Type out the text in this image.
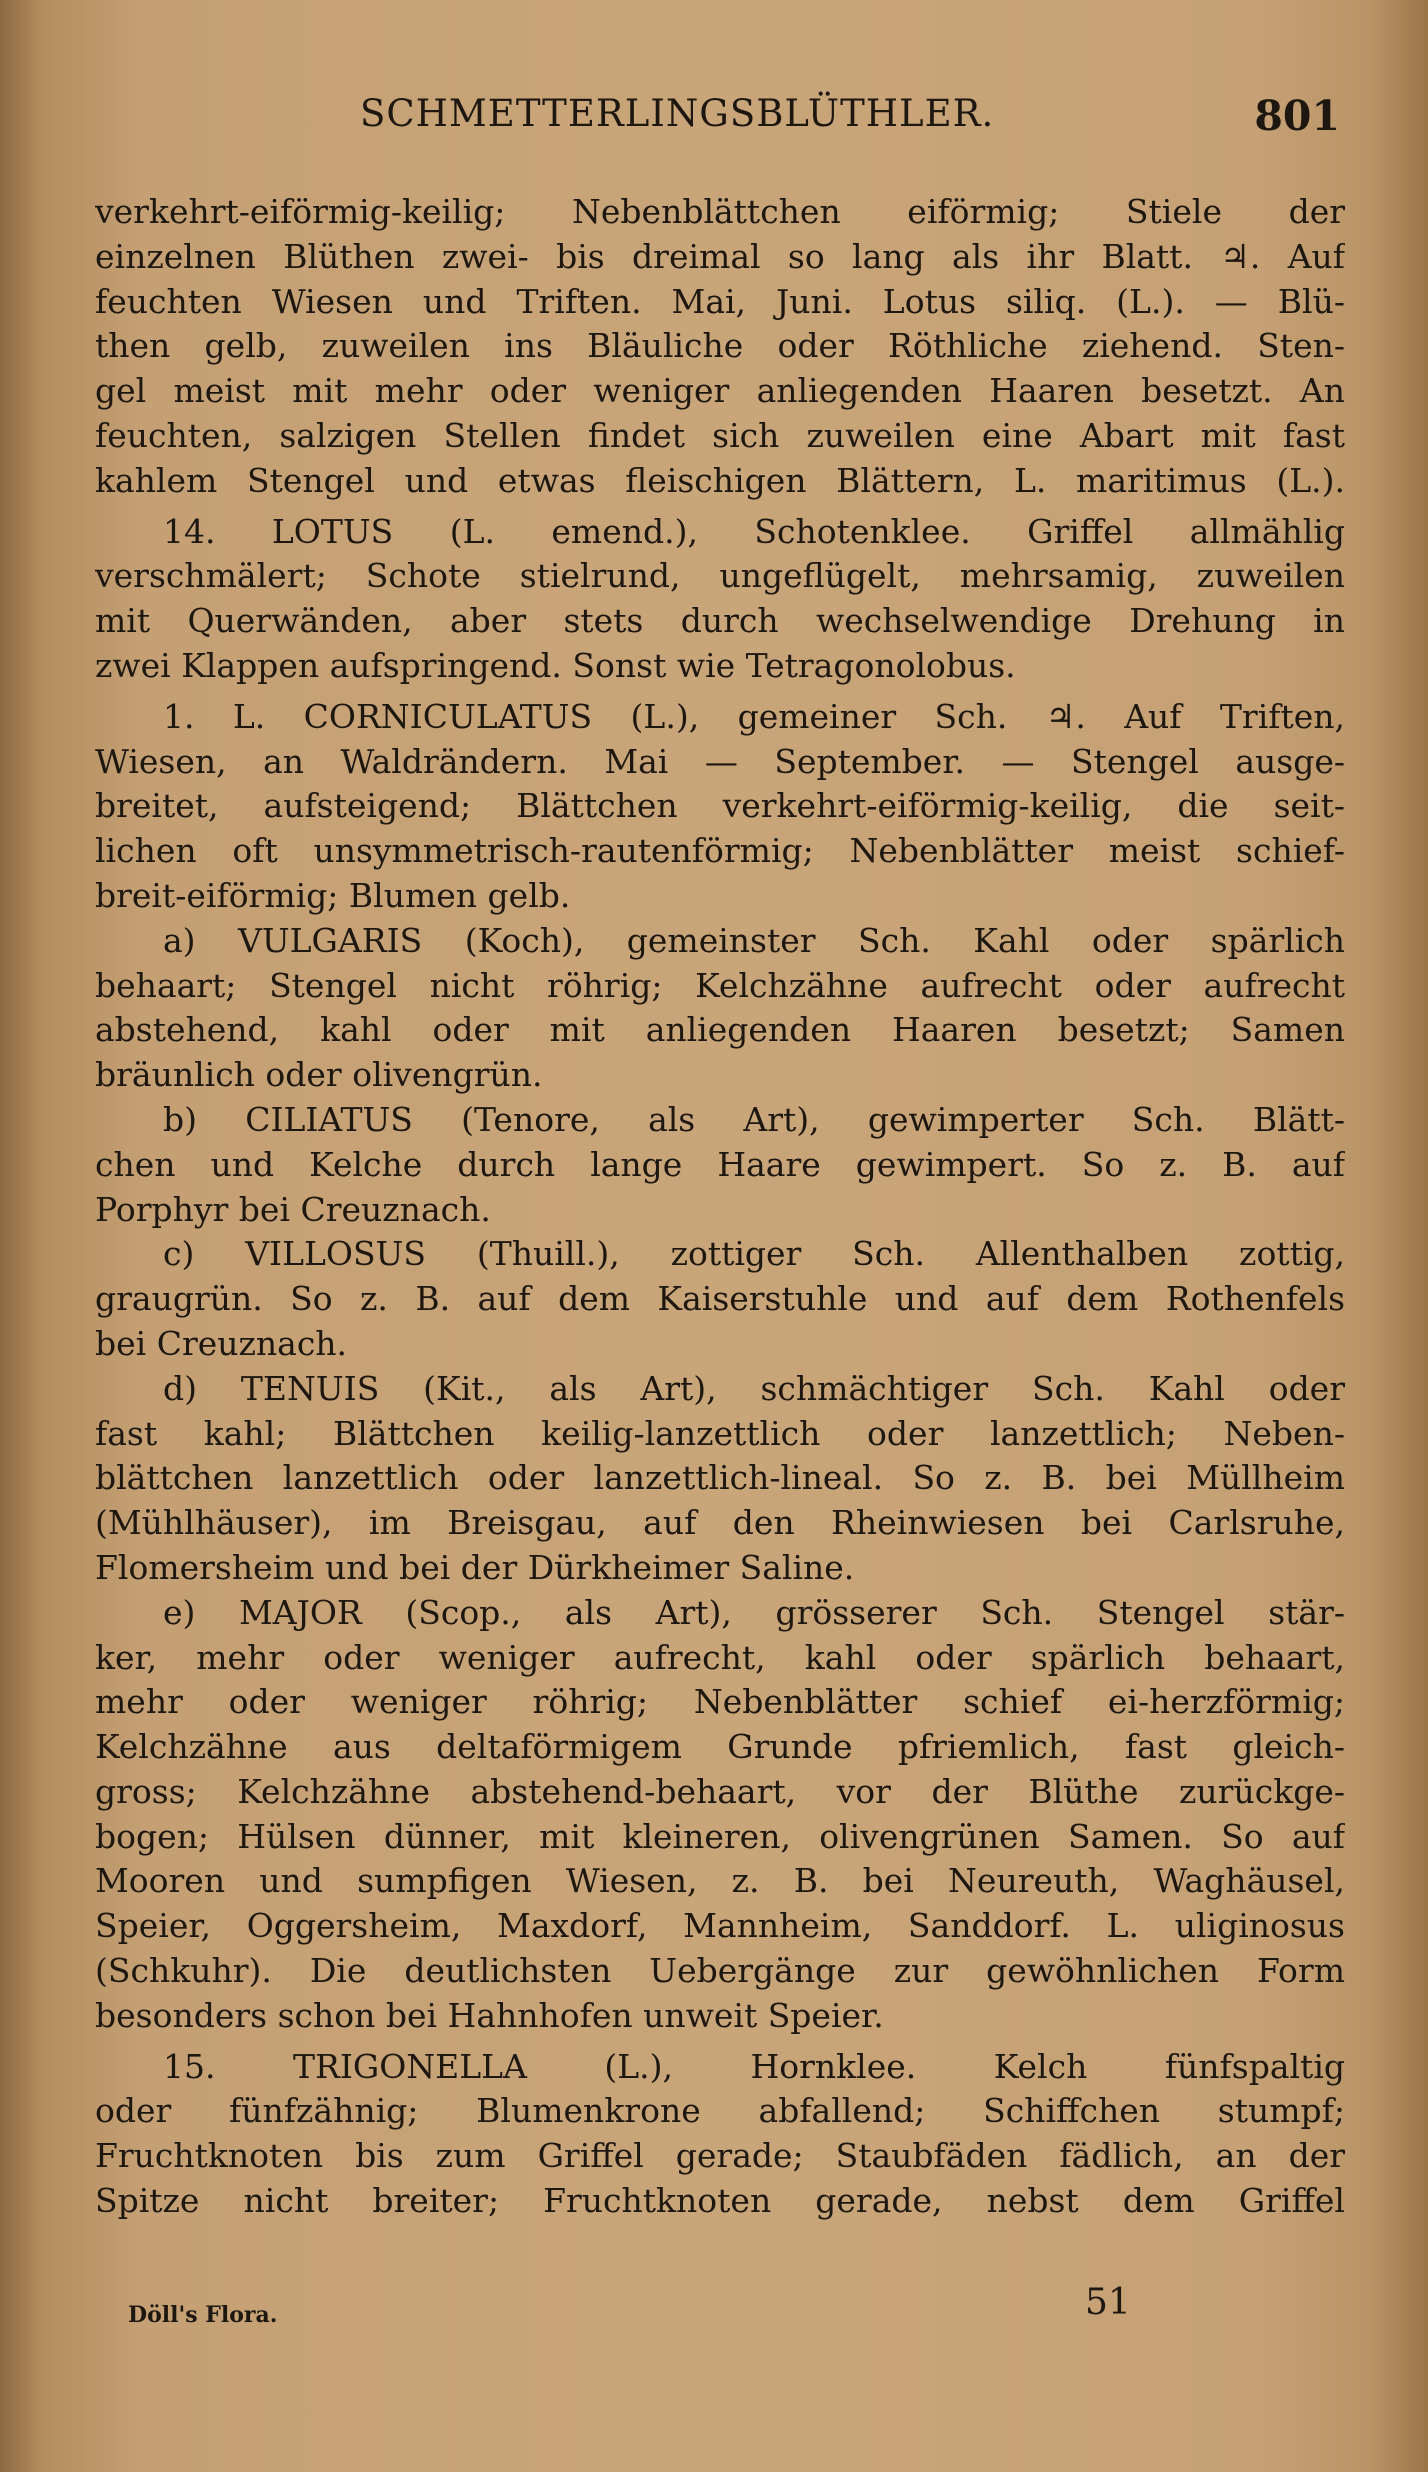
SCHMETTERLINGSBLÜTHLER.	801
verkehrt-eiförmig-keilig; Nebenblättchen eiförmig; Stiele der
einzelnen Blüthen zwei- bis dreimal so lang als ihr Blatt. ♃. Auf
feuchten Wiesen und Triften. Mai, Juni. Lotus siliq. (L.). — Blü-
then gelb, zuweilen ins Bläuliche oder Röthliche ziehend. Sten-
gel meist mit mehr oder weniger anliegenden Haaren besetzt. An
feuchten, salzigen Stellen findet sich zuweilen eine Abart mit fast
kahlem Stengel und etwas fleischigen Blättern, L. maritimus (L.).
14. LOTUS (L. emend.), Schotenklee. Griffel allmählig
verschmälert; Schote stielrund, ungeflügelt, mehrsamig, zuweilen
mit Querwänden, aber stets durch wechselwendige Drehung in
zwei Klappen aufspringend. Sonst wie Tetragonolobus.
1. L. CORNICULATUS (L.), gemeiner Sch. ♃. Auf Triften,
Wiesen, an Waldrändern. Mai — September. — Stengel ausge-
breitet, aufsteigend; Blättchen verkehrt-eiförmig-keilig, die seit-
lichen oft unsymmetrisch-rautenförmig; Nebenblätter meist schief-
breit-eiförmig; Blumen gelb.
a) VULGARIS (Koch), gemeinster Sch. Kahl oder spärlich
behaart; Stengel nicht röhrig; Kelchzähne aufrecht oder aufrecht
abstehend, kahl oder mit anliegenden Haaren besetzt; Samen
bräunlich oder olivengrün.
b) CILIATUS (Tenore, als Art), gewimperter Sch. Blätt-
chen und Kelche durch lange Haare gewimpert. So z. B. auf
Porphyr bei Creuznach.
c) VILLOSUS (Thuill.), zottiger Sch. Allenthalben zottig,
graugrün. So z. B. auf dem Kaiserstuhle und auf dem Rothenfels
bei Creuznach.
d) TENUIS (Kit., als Art), schmächtiger Sch. Kahl oder
fast kahl; Blättchen keilig-lanzettlich oder lanzettlich; Neben-
blättchen lanzettlich oder lanzettlich-lineal. So z. B. bei Müllheim
(Mühlhäuser), im Breisgau, auf den Rheinwiesen bei Carlsruhe,
Flomersheim und bei der Dürkheimer Saline.
e) MAJOR (Scop., als Art), grösserer Sch. Stengel stär-
ker, mehr oder weniger aufrecht, kahl oder spärlich behaart,
mehr oder weniger röhrig; Nebenblätter schief ei-herzförmig;
Kelchzähne aus deltaförmigem Grunde pfriemlich, fast gleich-
gross; Kelchzähne abstehend-behaart, vor der Blüthe zurückge-
bogen; Hülsen dünner, mit kleineren, olivengrünen Samen. So auf
Mooren und sumpfigen Wiesen, z. B. bei Neureuth, Waghäusel,
Speier, Oggersheim, Maxdorf, Mannheim, Sanddorf. L. uliginosus
(Schkuhr). Die deutlichsten Uebergänge zur gewöhnlichen Form
besonders schon bei Hahnhofen unweit Speier.
15. TRIGONELLA (L.), Hornklee. Kelch fünfspaltig
oder fünfzähnig; Blumenkrone abfallend; Schiffchen stumpf;
Fruchtknoten bis zum Griffel gerade; Staubfäden fädlich, an der
Spitze nicht breiter; Fruchtknoten gerade, nebst dem Griffel
Döll's Flora.	51
